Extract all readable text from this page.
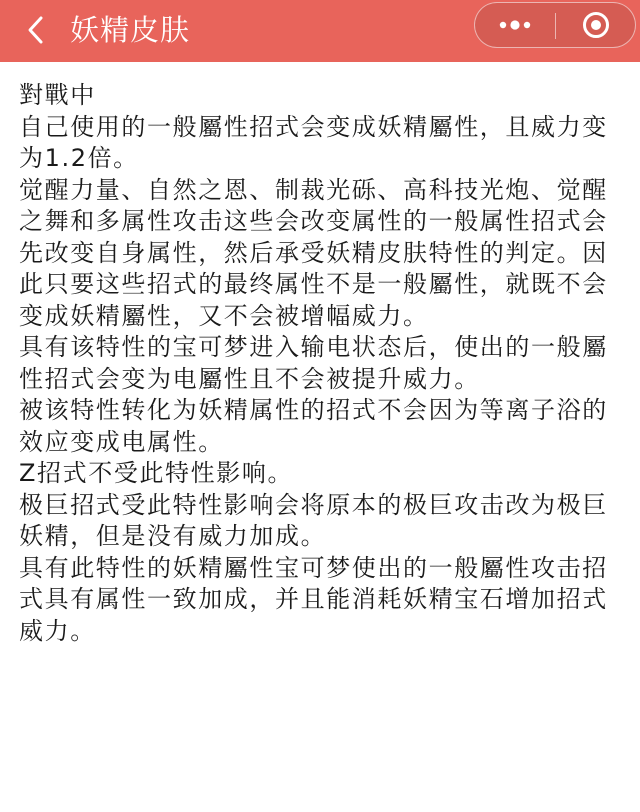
妖精皮肤

對戰中

自己使用的一般屬性招式会变成妖精屬性，且威力变为1.2倍。

觉醒力量、自然之恩、制裁光砾、高科技光炮、觉醒之舞和多属性攻击这些会改变属性的一般属性招式会先改变自身属性，然后承受妖精皮肤特性的判定。因此只要这些招式的最终属性不是一般屬性，就既不会变成妖精屬性，又不会被增幅威力。

具有该特性的宝可梦进入输电状态后，使出的一般屬性招式会变为电屬性且不会被提升威力。

被该特性转化为妖精属性的招式不会因为等离子浴的效应变成电属性。

Z招式不受此特性影响。

极巨招式受此特性影响会将原本的极巨攻击改为极巨妖精，但是没有威力加成。

具有此特性的妖精屬性宝可梦使出的一般屬性攻击招式具有属性一致加成，并且能消耗妖精宝石增加招式威力。
